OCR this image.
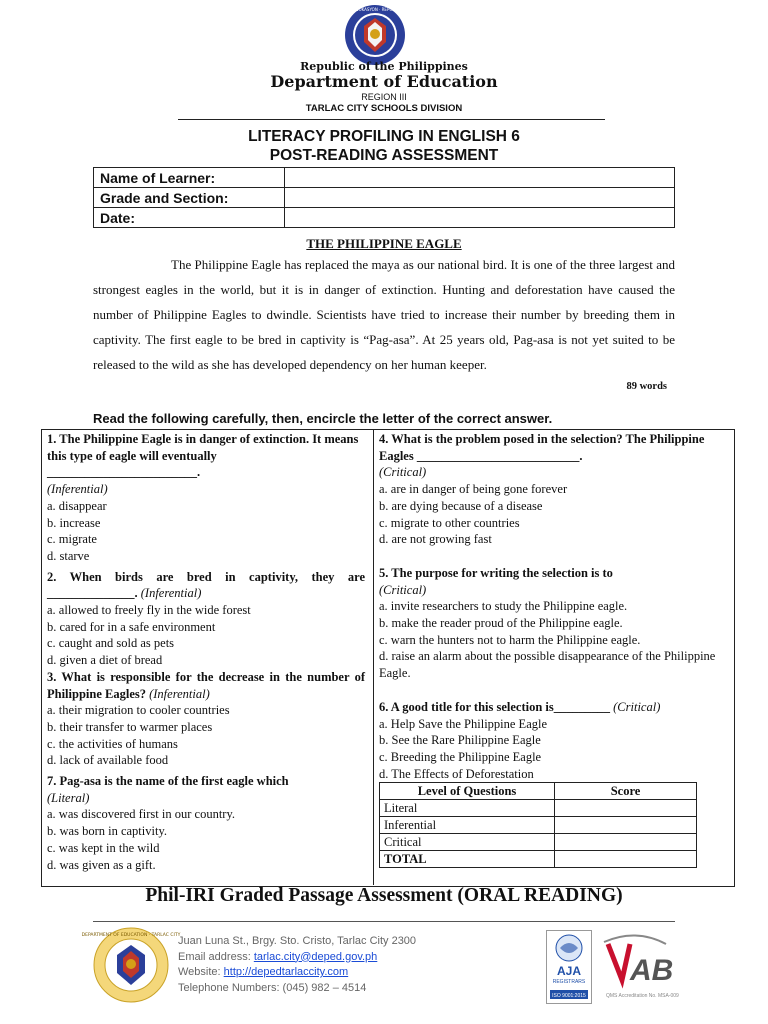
KAGAWARAN NG EDUKASYON · REPUBLIKA NG PILIPINAS
Republic of the Philippines
Department of Education
REGION III
TARLAC CITY SCHOOLS DIVISION
LITERACY PROFILING IN ENGLISH 6
POST-READING ASSESSMENT
Name of Learner:	
Grade and Section:	
Date:	
THE PHILIPPINE EAGLE
The Philippine Eagle has replaced the maya as our national bird. It is one of the three largest and strongest eagles in the world, but it is in danger of extinction. Hunting and deforestation have caused the number of Philippine Eagles to dwindle. Scientists have tried to increase their number by breeding them in captivity. The first eagle to be bred in captivity is “Pag-asa”. At 25 years old, Pag-asa is not yet suited to be released to the wild as she has developed dependency on her human keeper.
89 words
Read the following carefully, then, encircle the letter of the correct answer.

1. The Philippine Eagle is in danger of extinction. It means this type of eagle will eventually ________________________.

(Inferential)

a. disappear

b. increase

c. migrate

d. starve

2. When birds are bred in captivity, they are ______________. (Inferential)

a. allowed to freely fly in the wide forest

b. cared for in a safe environment

c. caught and sold as pets

d. given a diet of bread

3. What is responsible for the decrease in the number of Philippine Eagles? (Inferential)

a. their migration to cooler countries

b. their transfer to warmer places

c. the activities of humans

d. lack of available food

7. Pag-asa is the name of the first eagle which

(Literal)

a. was discovered first in our country.

b. was born in captivity.

c. was kept in the wild

d. was given as a gift.

4. What is the problem posed in the selection? The Philippine Eagles __________________________.

(Critical)

a. are in danger of being gone forever

b. are dying because of a disease

c. migrate to other countries

d. are not growing fast

5. The purpose for writing the selection is to

(Critical)

a. invite researchers to study the Philippine eagle.

b. make the reader proud of the Philippine eagle.

c. warn the hunters not to harm the Philippine eagle.

d. raise an alarm about the possible disappearance of the Philippine Eagle.

6. A good title for this selection is_________ (Critical)

a. Help Save the Philippine Eagle

b. See the Rare Philippine Eagle

c. Breeding the Philippine Eagle

d. The Effects of Deforestation

Level of Questions	Score
Literal	
Inferential	
Critical	
TOTAL	
Phil-IRI Graded Passage Assessment (ORAL READING)
DEPARTMENT OF EDUCATION · TARLAC CITY
Juan Luna St., Brgy. Sto. Cristo, Tarlac City 2300
Email address: tarlac.city@deped.gov.ph
Website: http://depedtarlaccity.com
Telephone Numbers: (045) 982 – 4514
AJA
REGISTRARS
ISO 9001:2015
AB
QMS Accreditation No. MSA-009
